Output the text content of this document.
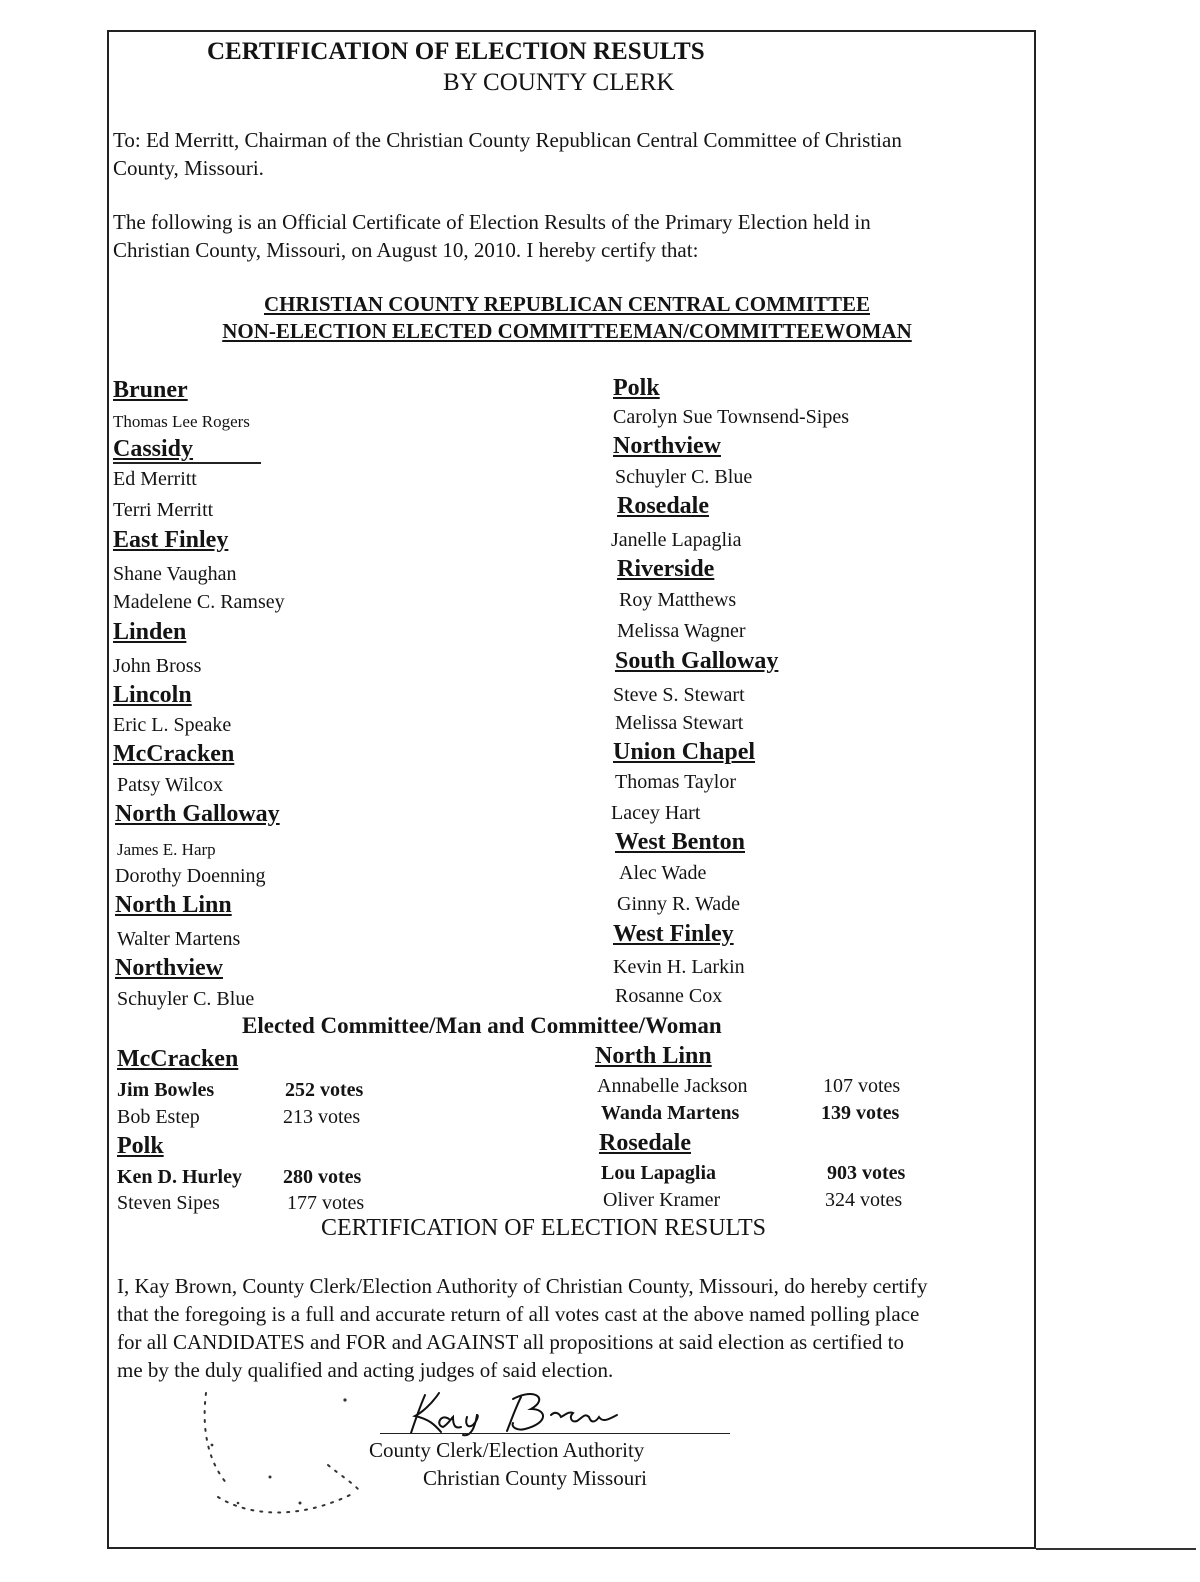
CERTIFICATION OF ELECTION RESULTS
BY COUNTY CLERK
To: Ed Merritt, Chairman of the Christian County Republican Central Committee of Christian
County, Missouri.
The following is an Official Certificate of Election Results of the Primary Election held in
Christian County, Missouri, on August 10, 2010. I hereby certify that:
CHRISTIAN COUNTY REPUBLICAN CENTRAL COMMITTEE
NON-ELECTION ELECTED COMMITTEEMAN/COMMITTEEWOMAN
Bruner
Thomas Lee Rogers
Cassidy
Ed Merritt
Terri Merritt
East Finley
Shane Vaughan
Madelene C. Ramsey
Linden
John Bross
Lincoln
Eric L. Speake
McCracken
Patsy Wilcox
North Galloway
James E. Harp
Dorothy Doenning
North Linn
Walter Martens
Northview
Schuyler C. Blue
Polk
Carolyn Sue Townsend-Sipes
Northview
Schuyler C. Blue
Rosedale
Janelle Lapaglia
Riverside
Roy Matthews
Melissa Wagner
South Galloway
Steve S. Stewart
Melissa Stewart
Union Chapel
Thomas Taylor
Lacey Hart
West Benton
Alec Wade
Ginny R. Wade
West Finley
Kevin H. Larkin
Rosanne Cox
Elected Committee/Man and Committee/Woman
McCracken
Jim Bowles	252 votes
Bob Estep	213 votes
Polk
Ken D. Hurley 280 votes
Steven Sipes	177 votes
North Linn
Annabelle Jackson	107 votes
Wanda Martens	139 votes
Rosedale
Lou Lapaglia	903 votes
Oliver Kramer	324 votes
CERTIFICATION OF ELECTION RESULTS
I, Kay Brown, County Clerk/Election Authority of Christian County, Missouri, do hereby certify
that the foregoing is a full and accurate return of all votes cast at the above named polling place
for all CANDIDATES and FOR and AGAINST all propositions at said election as certified to
me by the duly qualified and acting judges of said election.
County Clerk/Election Authority
Christian County Missouri
